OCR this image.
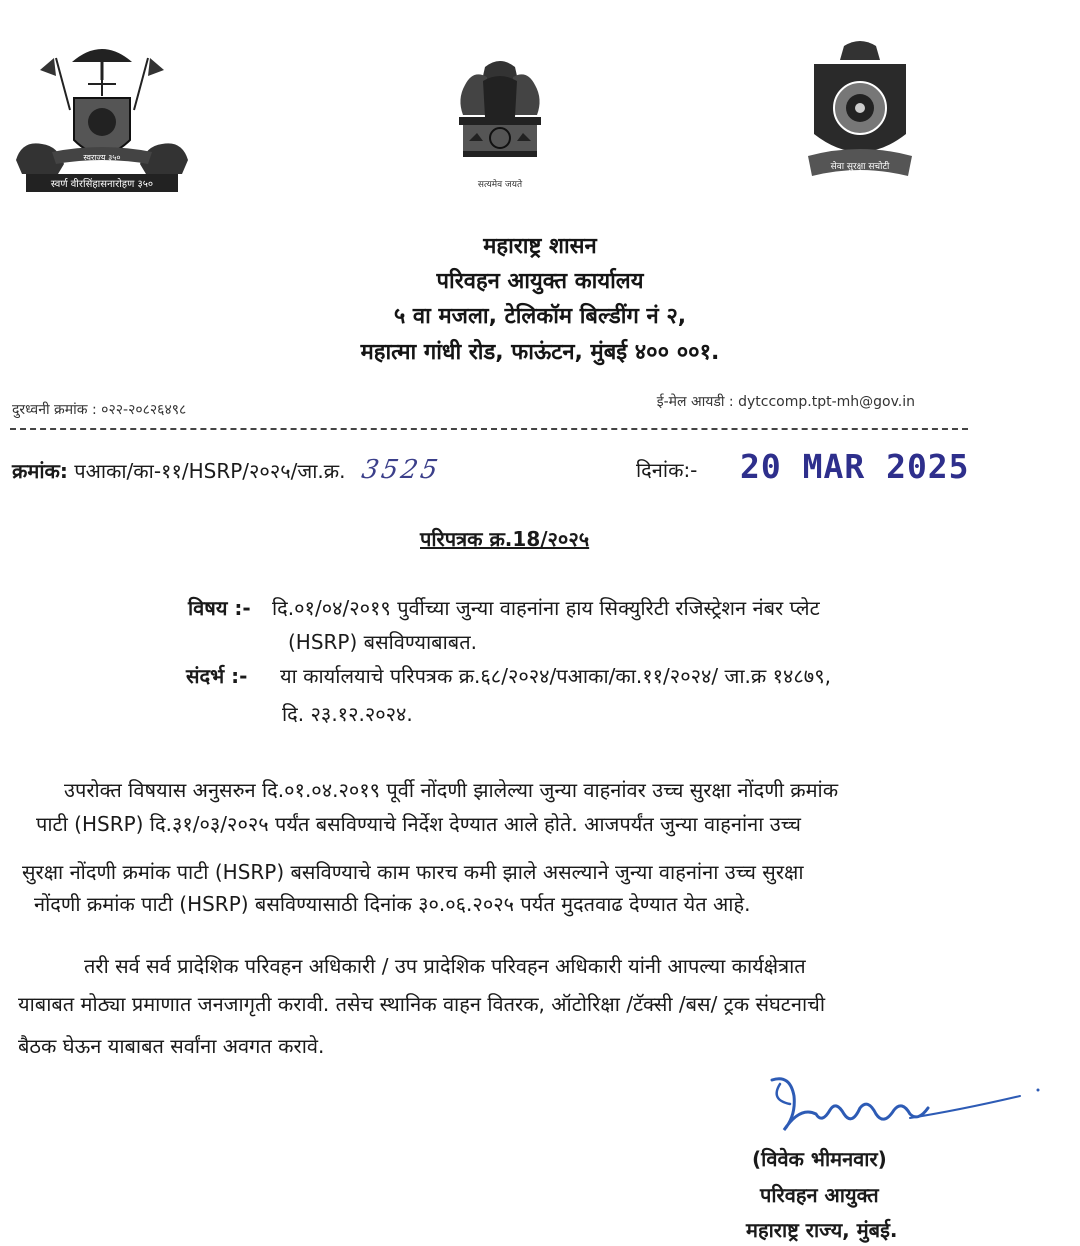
स्वर्ण वीरसिंहासनारोहण ३५०
स्वराज्य ३५०
सत्यमेव जयते
सेवा सुरक्षा सचोटी
महाराष्ट्र शासन
परिवहन आयुक्त कार्यालय
५ वा मजला, टेलिकॉम बिल्डींग नं २,
महात्मा गांधी रोड, फाऊंटन, मुंबई ४०० ००१.
दुरध्वनी क्रमांक : ०२२-२०८२६४९८	ई-मेल आयडी : dytccomp.tpt-mh@gov.in
क्रमांक: पआका/का-११/HSRP/२०२५/जा.क्र. 3525	दिनांक:- 20 MAR 2025
परिपत्रक क्र.18/२०२५
विषय :- दि.०१/०४/२०१९ पुर्वीच्या जुन्या वाहनांना हाय सिक्युरिटी रजिस्ट्रेशन नंबर प्लेट
(HSRP) बसविण्याबाबत.
संदर्भ :- या कार्यालयाचे परिपत्रक क्र.६८/२०२४/पआका/का.११/२०२४/ जा.क्र १४८७९,
दि. २३.१२.२०२४.
उपरोक्त विषयास अनुसरुन दि.०१.०४.२०१९ पूर्वी नोंदणी झालेल्या जुन्या वाहनांवर उच्च सुरक्षा नोंदणी क्रमांक
पाटी (HSRP) दि.३१/०३/२०२५ पर्यंत बसविण्याचे निर्देश देण्यात आले होते. आजपर्यंत जुन्या वाहनांना उच्च
सुरक्षा नोंदणी क्रमांक पाटी (HSRP) बसविण्याचे काम फारच कमी झाले असल्याने जुन्या वाहनांना उच्च सुरक्षा
नोंदणी क्रमांक पाटी (HSRP) बसविण्यासाठी दिनांक ३०.०६.२०२५ पर्यत मुदतवाढ देण्यात येत आहे.
तरी सर्व सर्व प्रादेशिक परिवहन अधिकारी / उप प्रादेशिक परिवहन अधिकारी यांनी आपल्या कार्यक्षेत्रात
याबाबत मोठ्या प्रमाणात जनजागृती करावी. तसेच स्थानिक वाहन वितरक, ऑटोरिक्षा /टॅक्सी /बस/ ट्रक संघटनाची
बैठक घेऊन याबाबत सर्वांना अवगत करावे.
(विवेक भीमनवार)
परिवहन आयुक्त
महाराष्ट्र राज्य, मुंबई.
